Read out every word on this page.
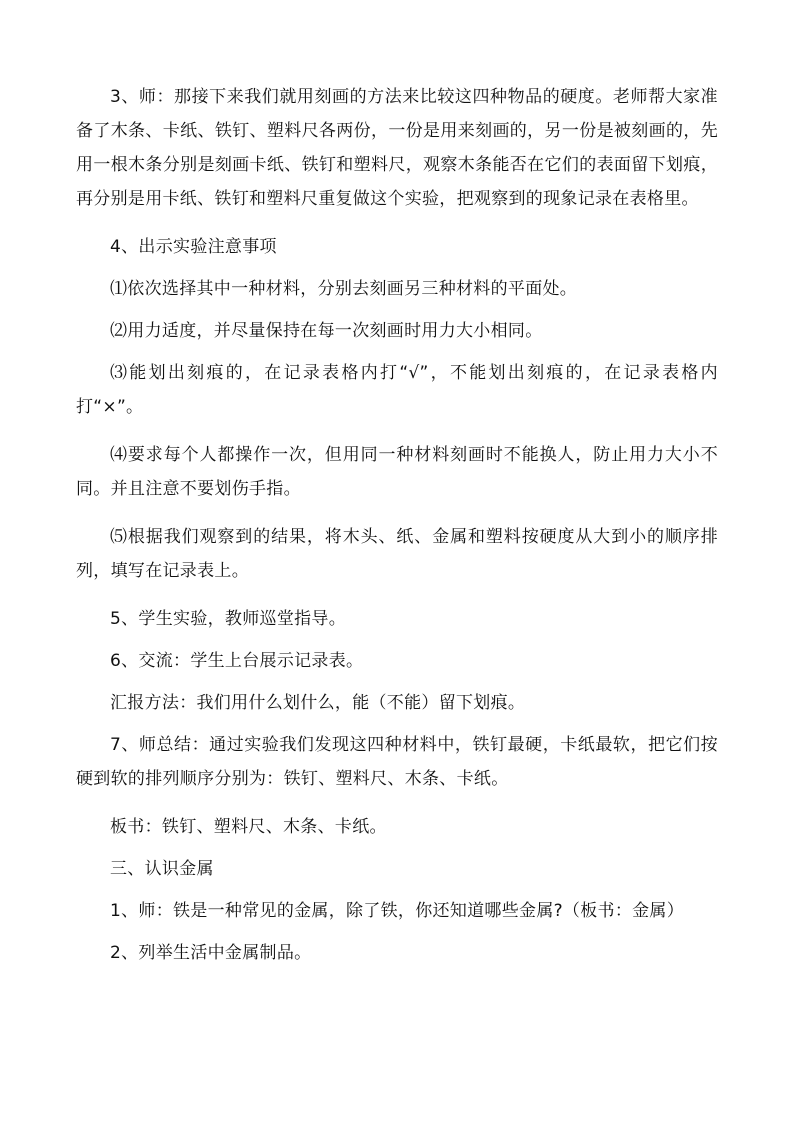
3、师：那接下来我们就用刻画的方法来比较这四种物品的硬度。老师帮大家准备了木条、卡纸、铁钉、塑料尺各两份，一份是用来刻画的，另一份是被刻画的，先用一根木条分别是刻画卡纸、铁钉和塑料尺，观察木条能否在它们的表面留下划痕，再分别是用卡纸、铁钉和塑料尺重复做这个实验，把观察到的现象记录在表格里。

4、出示实验注意事项

⑴依次选择其中一种材料，分别去刻画另三种材料的平面处。

⑵用力适度，并尽量保持在每一次刻画时用力大小相同。

⑶能划出刻痕的，在记录表格内打“√”，不能划出刻痕的，在记录表格内打“×”。

⑷要求每个人都操作一次，但用同一种材料刻画时不能换人，防止用力大小不同。并且注意不要划伤手指。

⑸根据我们观察到的结果，将木头、纸、金属和塑料按硬度从大到小的顺序排列，填写在记录表上。

5、学生实验，教师巡堂指导。

6、交流：学生上台展示记录表。

汇报方法：我们用什么划什么，能（不能）留下划痕。

7、师总结：通过实验我们发现这四种材料中，铁钉最硬，卡纸最软，把它们按硬到软的排列顺序分别为：铁钉、塑料尺、木条、卡纸。

板书：铁钉、塑料尺、木条、卡纸。

三、认识金属

1、师：铁是一种常见的金属，除了铁，你还知道哪些金属?（板书：金属）

2、列举生活中金属制品。
